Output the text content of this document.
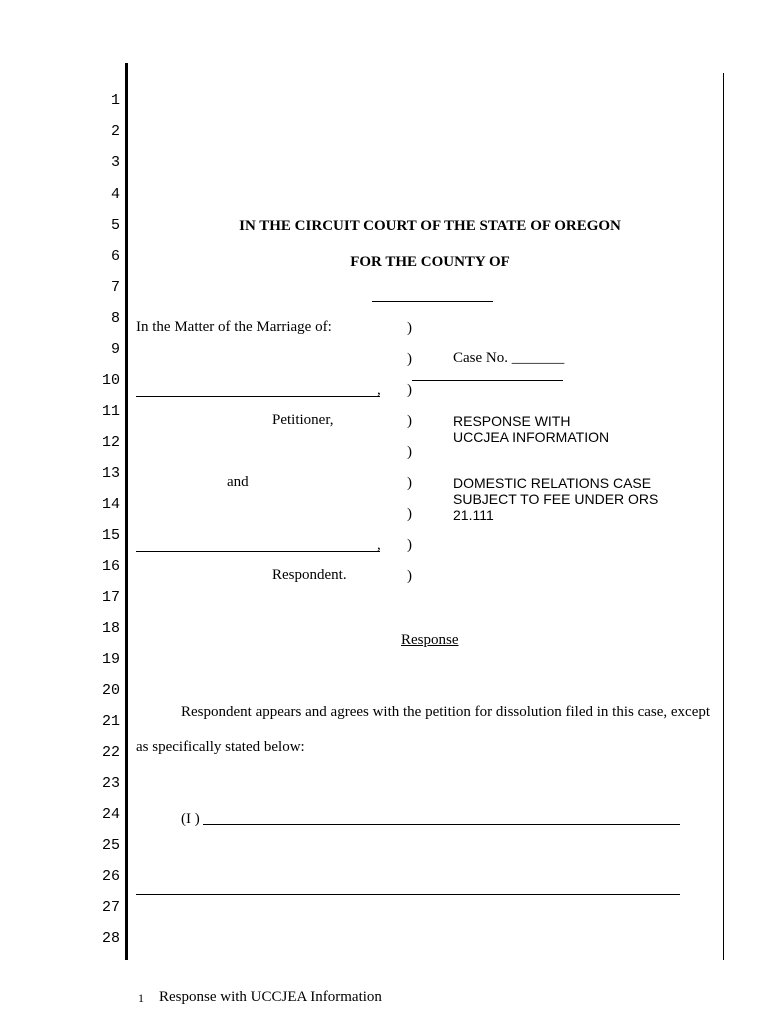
1
2
3
4
5
6
7
8
9
10
11
12
13
14
15
16
17
18
19
20
21
22
23
24
25
26
27
28
IN THE CIRCUIT COURT OF THE STATE OF OREGON
FOR THE COUNTY OF
In the Matter of the Marriage of:
,
Petitioner,
and
,
Respondent.
)
)
)
)
)
)
)
)
)
Case No. _______
RESPONSE WITH
UCCJEA INFORMATION
DOMESTIC RELATIONS CASE
SUBJECT TO FEE UNDER ORS
21.111
Response
Respondent appears and agrees with the petition for dissolution filed in this case, except
as specifically stated below:
(I )
1 Response with UCCJEA Information
